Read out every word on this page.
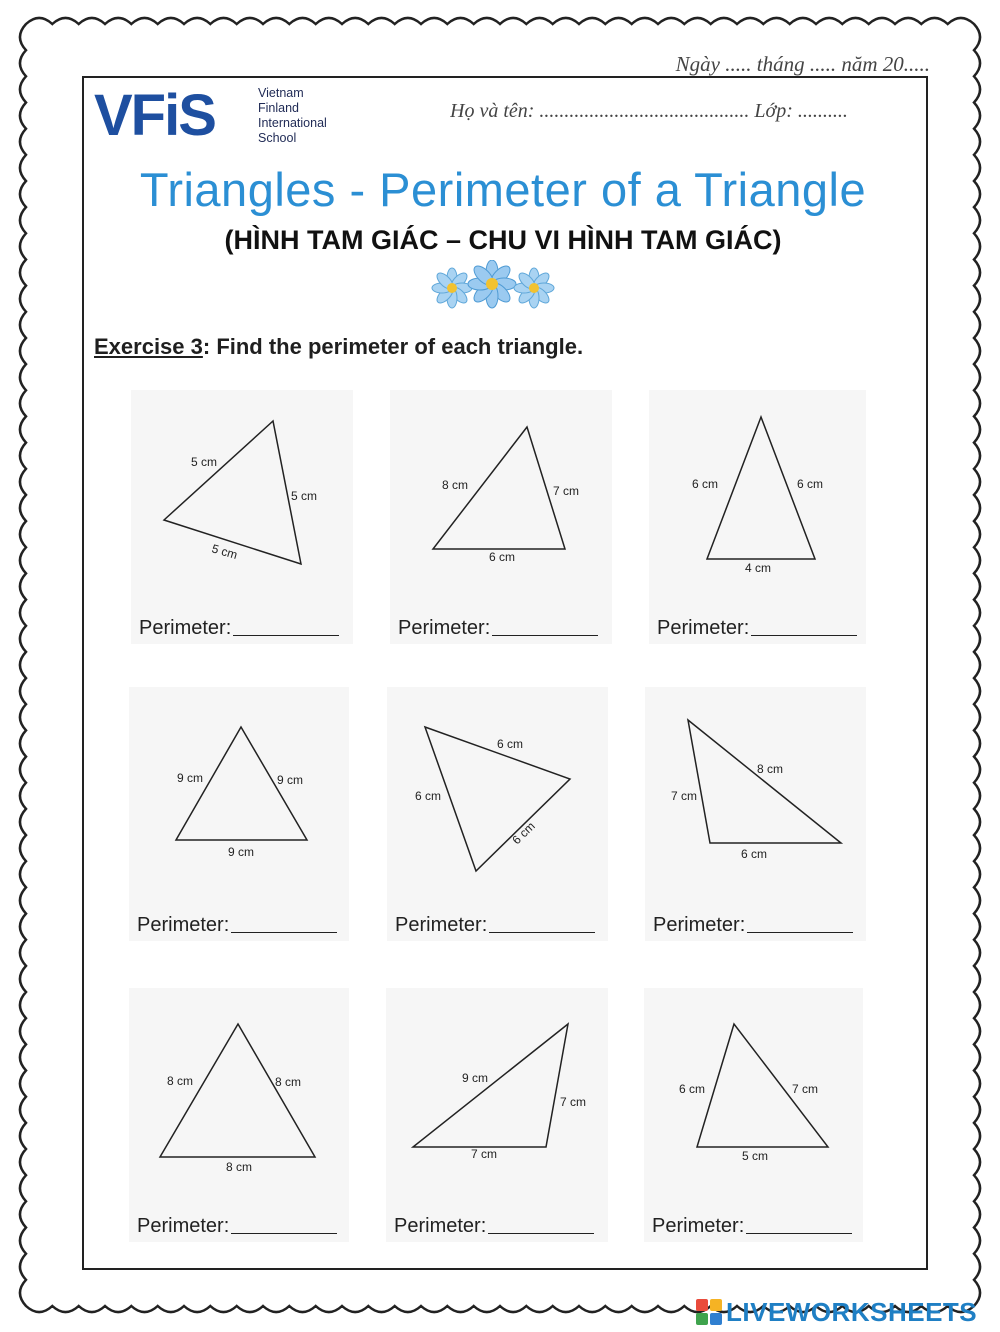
Ngày ..... tháng ..... năm 20.....
VFiS	Vietnam
Finland
International
School
Họ và tên: .......................................... Lớp: ..........
Triangles - Perimeter of a Triangle
(HÌNH TAM GIÁC – CHU VI HÌNH TAM GIÁC)
Exercise 3: Find the perimeter of each triangle.
5 cm
5 cm
5 cm
Perimeter:
8 cm	7 cm
6 cm
Perimeter:
6 cm	6 cm
4 cm
Perimeter:
9 cm	9 cm
9 cm
Perimeter:
6 cm
6 cm
6 cm
Perimeter:
7 cm
8 cm
6 cm
Perimeter:
8 cm	8 cm
8 cm
Perimeter:
9 cm
7 cm
7 cm
Perimeter:
6 cm	7 cm
5 cm
Perimeter:
LIVEWORKSHEETS
